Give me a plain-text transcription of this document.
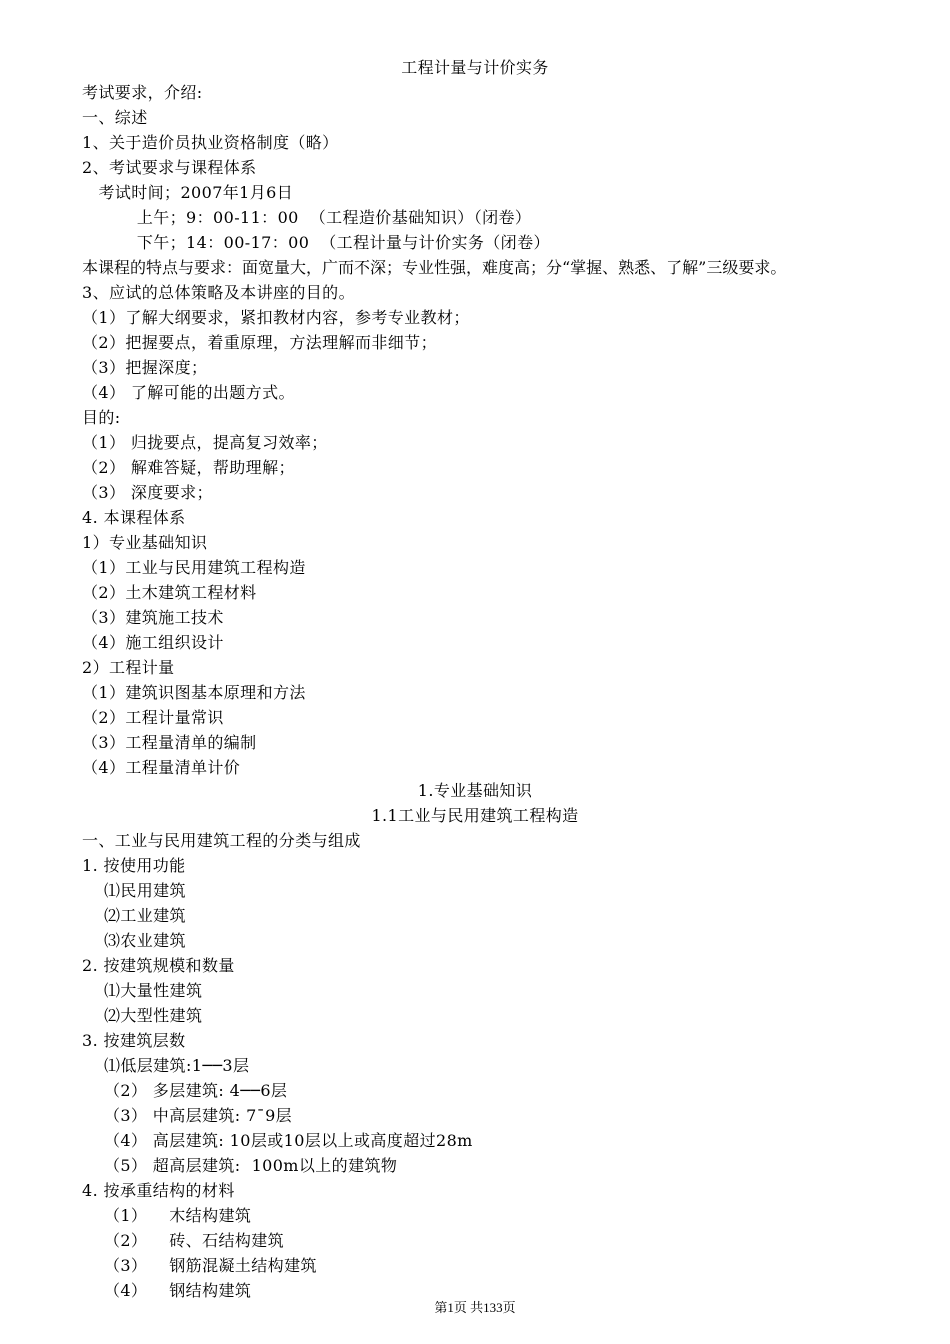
工程计量与计价实务
考试要求，介绍:
一、综述
1、关于造价员执业资格制度（略）
2、考试要求与课程体系
考试时间；2007年1月6日
上午；9：00-11：00  （工程造价基础知识）（闭卷）
下午；14：00-17：00  （工程计量与计价实务（闭卷）
本课程的特点与要求：面宽量大，广而不深；专业性强，难度高；分“掌握、熟悉、了解”三级要求。
3、应试的总体策略及本讲座的目的。
（1）了解大纲要求，紧扣教材内容，参考专业教材；
（2）把握要点，着重原理，方法理解而非细节；
（3）把握深度；
（4） 了解可能的出题方式。
目的:
（1） 归拢要点，提高复习效率；
（2） 解难答疑，帮助理解；
（3） 深度要求；
4. 本课程体系
1）专业基础知识
（1）工业与民用建筑工程构造
（2）土木建筑工程材料
（3）建筑施工技术
（4）施工组织设计
2）工程计量
（1）建筑识图基本原理和方法
（2）工程计量常识
（3）工程量清单的编制
（4）工程量清单计价
1.专业基础知识
1.1工业与民用建筑工程构造
一、工业与民用建筑工程的分类与组成
1. 按使用功能
⑴民用建筑
⑵工业建筑
⑶农业建筑
2. 按建筑规模和数量
⑴大量性建筑
⑵大型性建筑
3. 按建筑层数
⑴低层建筑:1──3层
（2） 多层建筑: 4──6层
（3） 中高层建筑: 7¯9层
（4） 高层建筑: 10层或10层以上或高度超过28m
（5） 超高层建筑:  100m以上的建筑物
4. 按承重结构的材料
（1）    木结构建筑
（2）    砖、石结构建筑
（3）    钢筋混凝土结构建筑
（4）    钢结构建筑
第1页 共133页
